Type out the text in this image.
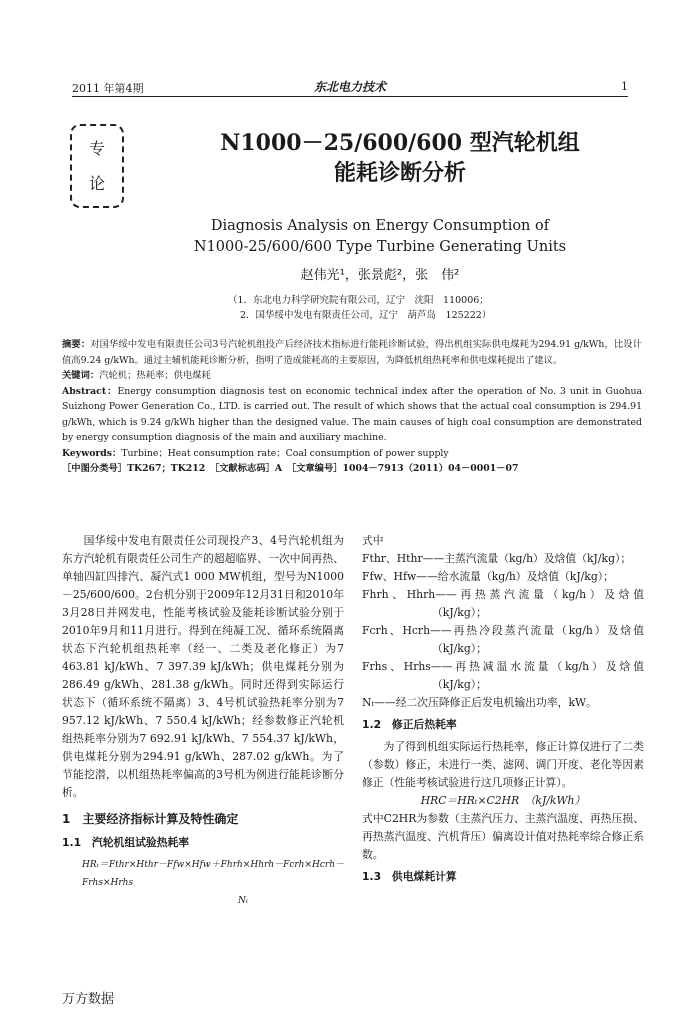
2011 年第4期	东北电力技术	1
专
论
N1000－25/600/600 型汽轮机组
能耗诊断分析
Diagnosis Analysis on Energy Consumption of
N1000-25/600/600 Type Turbine Generating Units
赵伟光¹，张景彪²，张　伟²
（1．东北电力科学研究院有限公司，辽宁　沈阳　110006；
2．国华绥中发电有限责任公司，辽宁　葫芦岛　125222）

摘要：对国华绥中发电有限责任公司3号汽轮机组投产后经济技术指标进行能耗诊断试验，得出机组实际供电煤耗为294.91 g/kWh，比设计值高9.24 g/kWh。通过主辅机能耗诊断分析，指明了造成能耗高的主要原因，为降低机组热耗率和供电煤耗提出了建议。

关键词：汽轮机；热耗率；供电煤耗

Abstract：Energy consumption diagnosis test on economic technical index after the operation of No. 3 unit in Guohua Suizhong Power Generation Co., LTD. is carried out. The result of which shows that the actual coal consumption is 294.91 g/kWh, which is 9.24 g/kWh higher than the designed value. The main causes of high coal consumption are demonstrated by energy consumption diagnosis of the main and auxiliary machine.

Keywords：Turbine；Heat consumption rate；Coal consumption of power supply

［中图分类号］TK267；TK212　［文献标志码］A　［文章编号］1004－7913（2011）04－0001－07

国华绥中发电有限责任公司现投产3、4号汽轮机组为东方汽轮机有限责任公司生产的超超临界、一次中间再热、单轴四缸四排汽、凝汽式1 000 MW机组，型号为N1000－25/600/600。2台机分别于2009年12月31日和2010年3月28日并网发电，性能考核试验及能耗诊断试验分别于2010年9月和11月进行。得到在纯凝工况、循环系统隔离状态下汽轮机组热耗率（经一、二类及老化修正）为7 463.81 kJ/kWh、7 397.39 kJ/kWh；供电煤耗分别为286.49 g/kWh、281.38 g/kWh。同时还得到实际运行状态下（循环系统不隔离）3、4号机试验热耗率分别为7 957.12 kJ/kWh、7 550.4 kJ/kWh；经参数修正汽轮机组热耗率分别为7 692.91 kJ/kWh、7 554.37 kJ/kWh，供电煤耗分别为294.91 g/kWh、287.02 g/kWh。为了节能挖潜，以机组热耗率偏高的3号机为例进行能耗诊断分析。

1　主要经济指标计算及特性确定

1.1　汽轮机组试验热耗率

HRₜ＝Fthr×Hthr－Ffw×Hfw＋Fhrh×Hhrh－Fcrh×Hcrh－Frhs×Hrhs
Nₜ

式中

Fthr、Hthr——主蒸汽流量（kg/h）及焓值（kJ/kg）；
Ffw、Hfw——给水流量（kg/h）及焓值（kJ/kg）；
Fhrh、Hhrh——再热蒸汽流量（kg/h）及焓值（kJ/kg）；
Fcrh、Hcrh——再热冷段蒸汽流量（kg/h）及焓值（kJ/kg）；
Frhs、Hrhs——再热减温水流量（kg/h）及焓值（kJ/kg）；
Nₜ——经二次压降修正后发电机输出功率，kW。

1.2　修正后热耗率

为了得到机组实际运行热耗率，修正计算仅进行了二类（参数）修正，未进行一类、滤网、调门开度、老化等因素修正（性能考核试验进行这几项修正计算）。

HRC＝HRₜ×C2HR　（kJ/kWh）

式中C2HR为参数（主蒸汽压力、主蒸汽温度、再热压损、再热蒸汽温度、汽机背压）偏离设计值对热耗率综合修正系数。

1.3　供电煤耗计算

万方数据
